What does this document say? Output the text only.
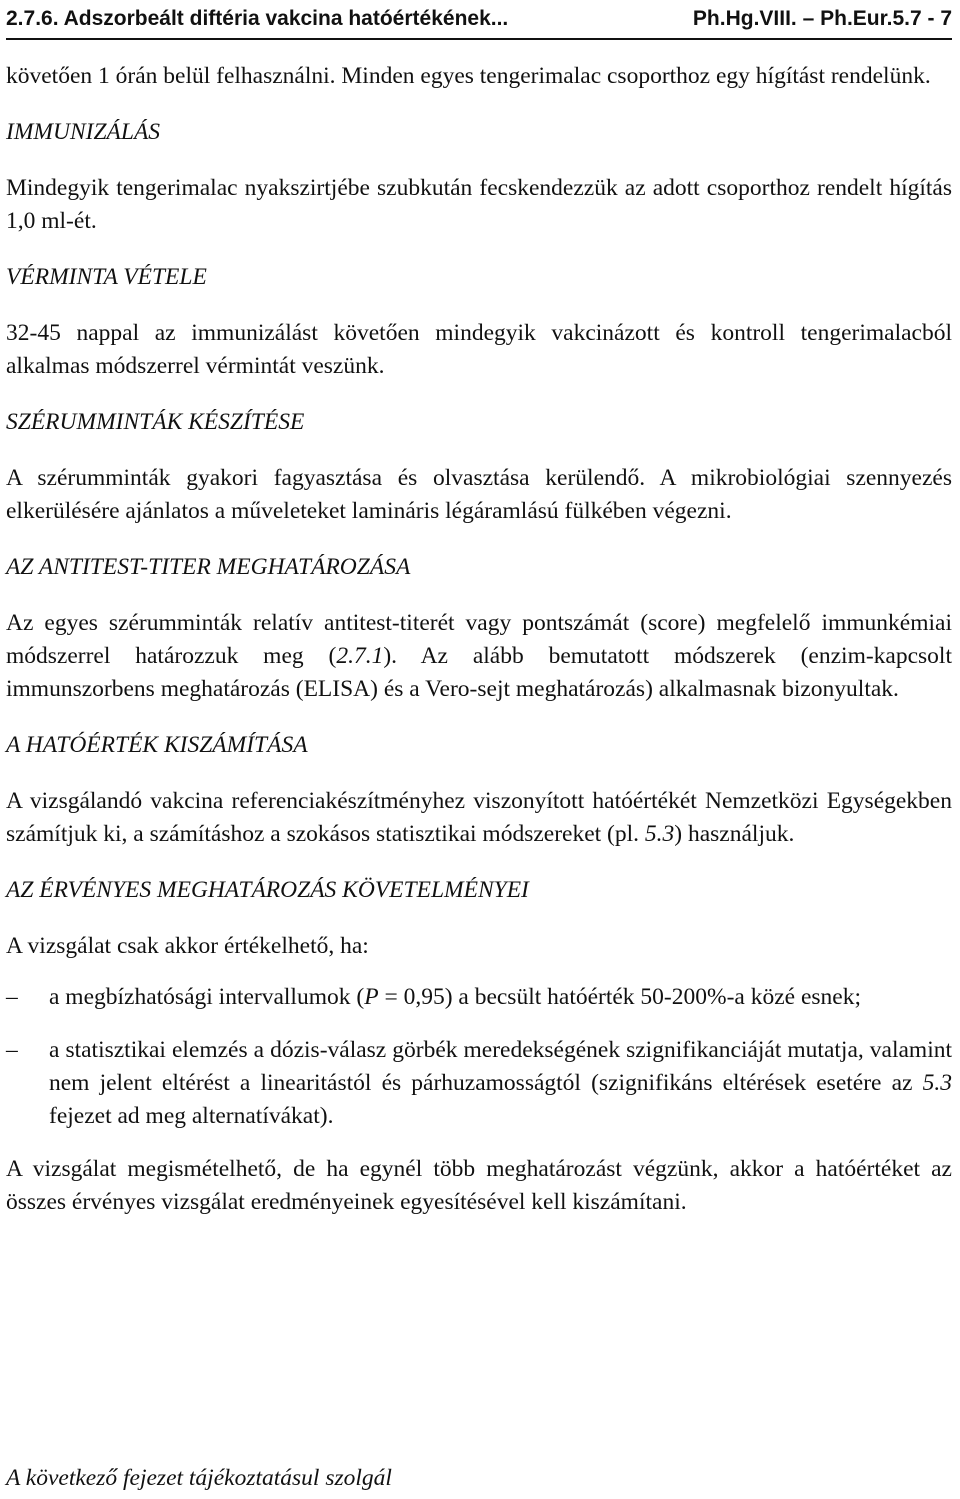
2.7.6. Adszorbeált diftéria vakcina hatóértékének...	Ph.Hg.VIII. – Ph.Eur.5.7 - 7

követően 1 órán belül felhasználni. Minden egyes tengerimalac csoporthoz egy hígítást rendelünk.

IMMUNIZÁLÁS

Mindegyik tengerimalac nyakszirtjébe szubkután fecskendezzük az adott csoporthoz rendelt hígítás 1,0 ml-ét.

VÉRMINTA VÉTELE

32-45 nappal az immunizálást követően mindegyik vakcinázott és kontroll tengerimalacból alkalmas módszerrel vérmintát veszünk.

SZÉRUMMINTÁK KÉSZÍTÉSE

A szérumminták gyakori fagyasztása és olvasztása kerülendő. A mikrobiológiai szennyezés elkerülésére ajánlatos a műveleteket lamináris légáramlású fülkében végezni.

AZ ANTITEST-TITER MEGHATÁROZÁSA

Az egyes szérumminták relatív antitest-titerét vagy pontszámát (score) megfelelő immunkémiai módszerrel határozzuk meg (2.7.1). Az alább bemutatott módszerek (enzim-kapcsolt immunszorbens meghatározás (ELISA) és a Vero-sejt meghatározás) alkalmasnak bizonyultak.

A HATÓÉRTÉK KISZÁMÍTÁSA

A vizsgálandó vakcina referenciakészítményhez viszonyított hatóértékét Nemzetközi Egységekben számítjuk ki, a számításhoz a szokásos statisztikai módszereket (pl. 5.3) használjuk.

AZ ÉRVÉNYES MEGHATÁROZÁS KÖVETELMÉNYEI

A vizsgálat csak akkor értékelhető, ha:

– a megbízhatósági intervallumok (P = 0,95) a becsült hatóérték 50-200%-a közé esnek;
– a statisztikai elemzés a dózis-válasz görbék meredekségének szignifikanciáját mutatja, valamint nem jelent eltérést a linearitástól és párhuzamosságtól (szignifikáns eltérések esetére az 5.3 fejezet ad meg alternatívákat).

A vizsgálat megismételhető, de ha egynél több meghatározást végzünk, akkor a hatóértéket az összes érvényes vizsgálat eredményeinek egyesítésével kell kiszámítani.

A következő fejezet tájékoztatásul szolgál
